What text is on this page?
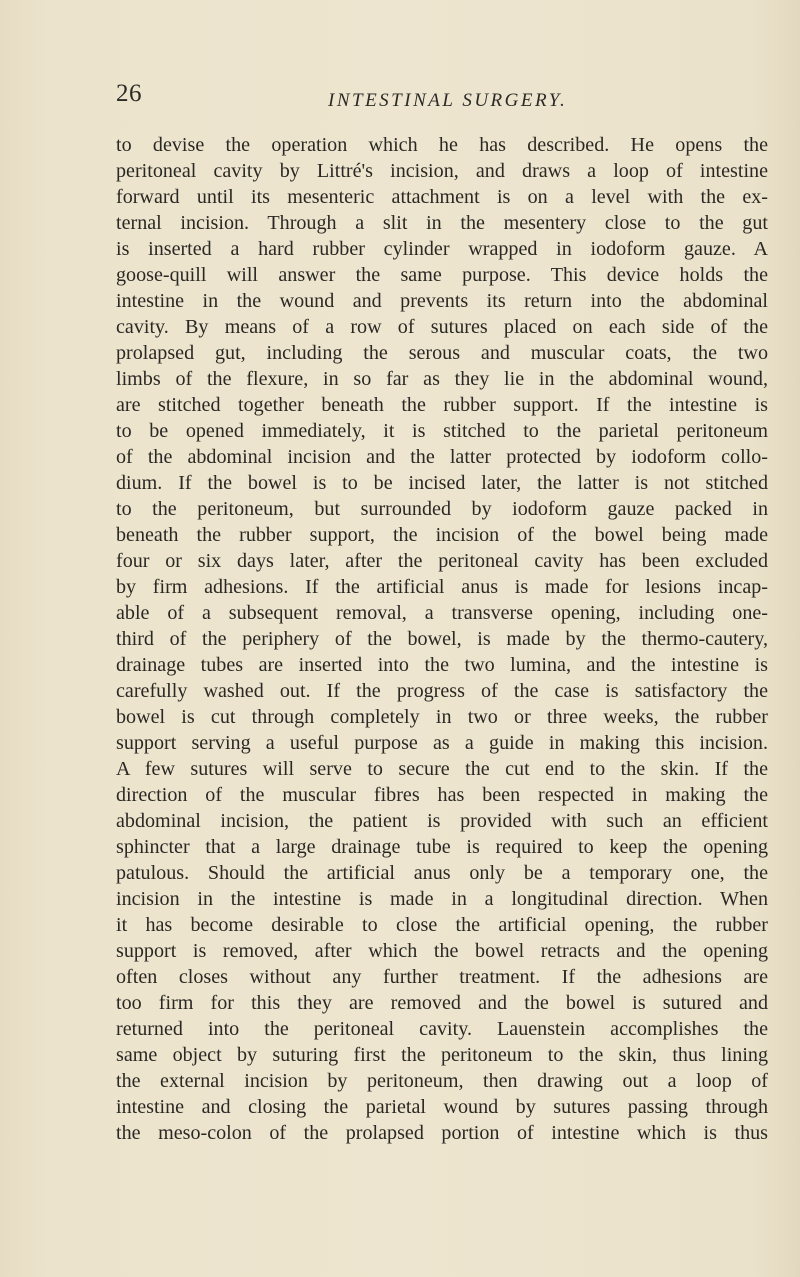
26	INTESTINAL SURGERY.
to devise the operation which he has described. He opens the
peritoneal cavity by Littré's incision, and draws a loop of intestine
forward until its mesenteric attachment is on a level with the ex-
ternal incision. Through a slit in the mesentery close to the gut
is inserted a hard rubber cylinder wrapped in iodoform gauze. A
goose-quill will answer the same purpose. This device holds the
intestine in the wound and prevents its return into the abdominal
cavity. By means of a row of sutures placed on each side of the
prolapsed gut, including the serous and muscular coats, the two
limbs of the flexure, in so far as they lie in the abdominal wound,
are stitched together beneath the rubber support. If the intestine is
to be opened immediately, it is stitched to the parietal peritoneum
of the abdominal incision and the latter protected by iodoform collo-
dium. If the bowel is to be incised later, the latter is not stitched
to the peritoneum, but surrounded by iodoform gauze packed in
beneath the rubber support, the incision of the bowel being made
four or six days later, after the peritoneal cavity has been excluded
by firm adhesions. If the artificial anus is made for lesions incap-
able of a subsequent removal, a transverse opening, including one-
third of the periphery of the bowel, is made by the thermo-cautery,
drainage tubes are inserted into the two lumina, and the intestine is
carefully washed out. If the progress of the case is satisfactory the
bowel is cut through completely in two or three weeks, the rubber
support serving a useful purpose as a guide in making this incision.
A few sutures will serve to secure the cut end to the skin. If the
direction of the muscular fibres has been respected in making the
abdominal incision, the patient is provided with such an efficient
sphincter that a large drainage tube is required to keep the opening
patulous. Should the artificial anus only be a temporary one, the
incision in the intestine is made in a longitudinal direction. When
it has become desirable to close the artificial opening, the rubber
support is removed, after which the bowel retracts and the opening
often closes without any further treatment. If the adhesions are
too firm for this they are removed and the bowel is sutured and
returned into the peritoneal cavity. Lauenstein accomplishes the
same object by suturing first the peritoneum to the skin, thus lining
the external incision by peritoneum, then drawing out a loop of
intestine and closing the parietal wound by sutures passing through
the meso-colon of the prolapsed portion of intestine which is thus
